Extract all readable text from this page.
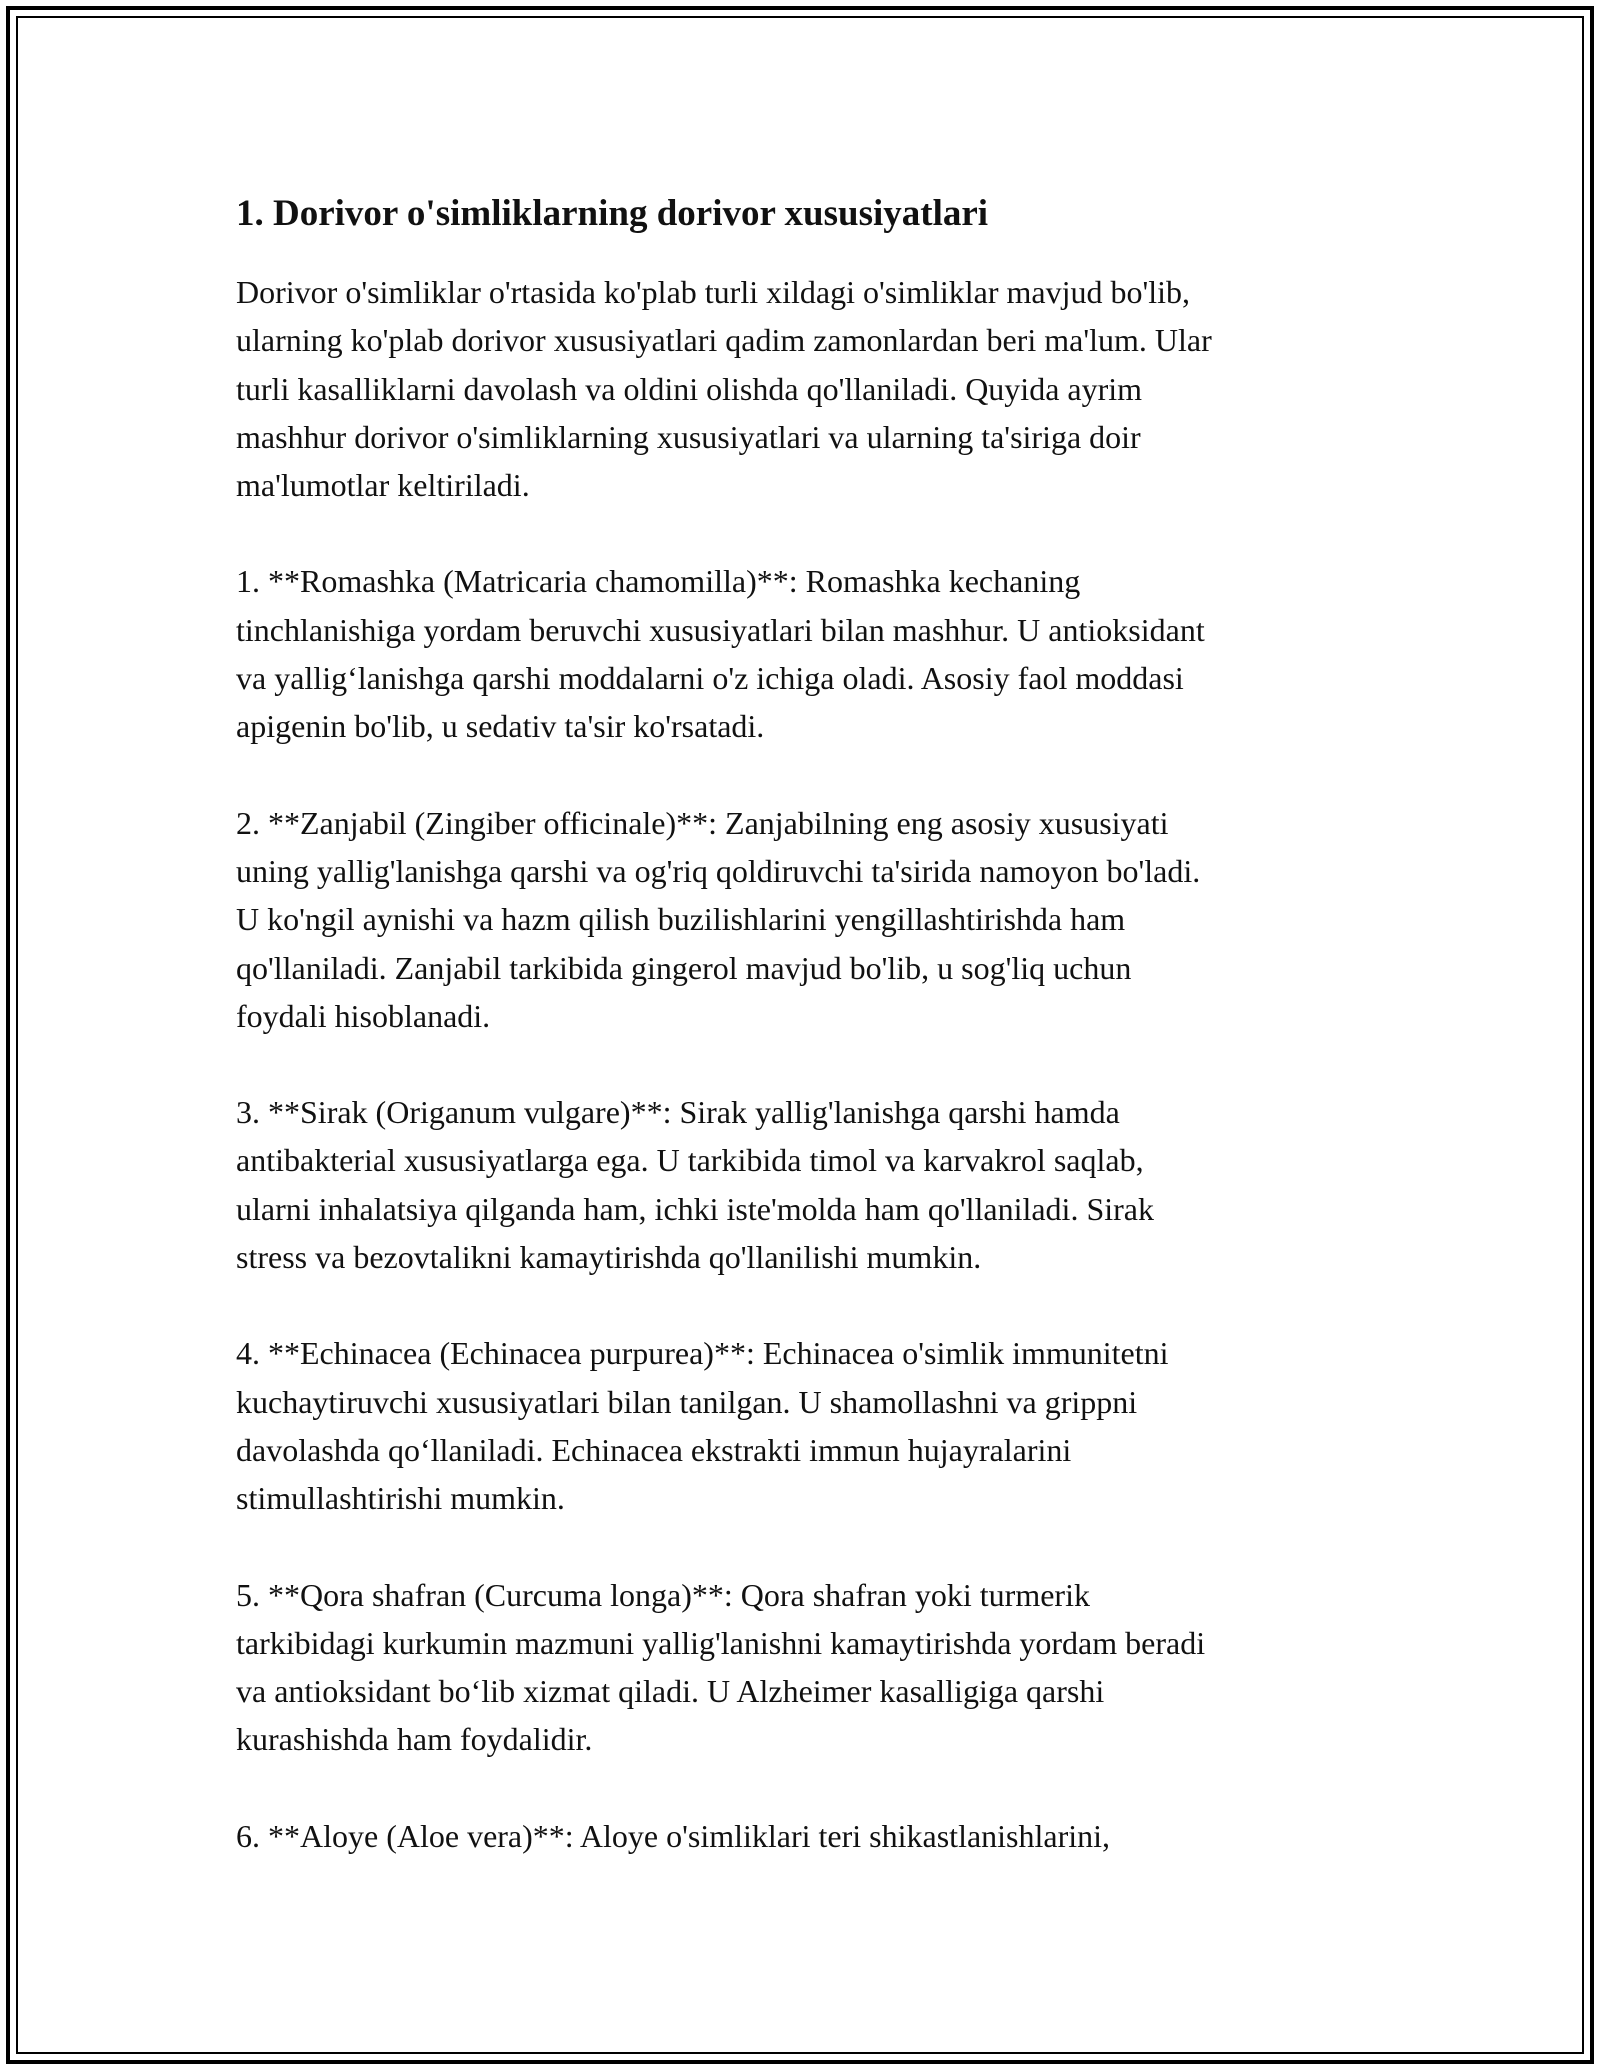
1. Dorivor o'simliklarning dorivor xususiyatlari

Dorivor o'simliklar o'rtasida ko'plab turli xildagi o'simliklar mavjud bo'lib,
ularning ko'plab dorivor xususiyatlari qadim zamonlardan beri ma'lum. Ular
turli kasalliklarni davolash va oldini olishda qo'llaniladi. Quyida ayrim
mashhur dorivor o'simliklarning xususiyatlari va ularning ta'siriga doir
ma'lumotlar keltiriladi.

1. **Romashka (Matricaria chamomilla)**: Romashka kechaning
tinchlanishiga yordam beruvchi xususiyatlari bilan mashhur. U antioksidant
va yallig‘lanishga qarshi moddalarni o'z ichiga oladi. Asosiy faol moddasi
apigenin bo'lib, u sedativ ta'sir ko'rsatadi.

2. **Zanjabil (Zingiber officinale)**: Zanjabilning eng asosiy xususiyati
uning yallig'lanishga qarshi va og'riq qoldiruvchi ta'sirida namoyon bo'ladi.
U ko'ngil aynishi va hazm qilish buzilishlarini yengillashtirishda ham
qo'llaniladi. Zanjabil tarkibida gingerol mavjud bo'lib, u sog'liq uchun
foydali hisoblanadi.

3. **Sirak (Origanum vulgare)**: Sirak yallig'lanishga qarshi hamda
antibakterial xususiyatlarga ega. U tarkibida timol va karvakrol saqlab,
ularni inhalatsiya qilganda ham, ichki iste'molda ham qo'llaniladi. Sirak
stress va bezovtalikni kamaytirishda qo'llanilishi mumkin.

4. **Echinacea (Echinacea purpurea)**: Echinacea o'simlik immunitetni
kuchaytiruvchi xususiyatlari bilan tanilgan. U shamollashni va grippni
davolashda qo‘llaniladi. Echinacea ekstrakti immun hujayralarini
stimullashtirishi mumkin.

5. **Qora shafran (Curcuma longa)**: Qora shafran yoki turmerik
tarkibidagi kurkumin mazmuni yallig'lanishni kamaytirishda yordam beradi
va antioksidant bo‘lib xizmat qiladi. U Alzheimer kasalligiga qarshi
kurashishda ham foydalidir.

6. **Aloye (Aloe vera)**: Aloye o'simliklari teri shikastlanishlarini,
